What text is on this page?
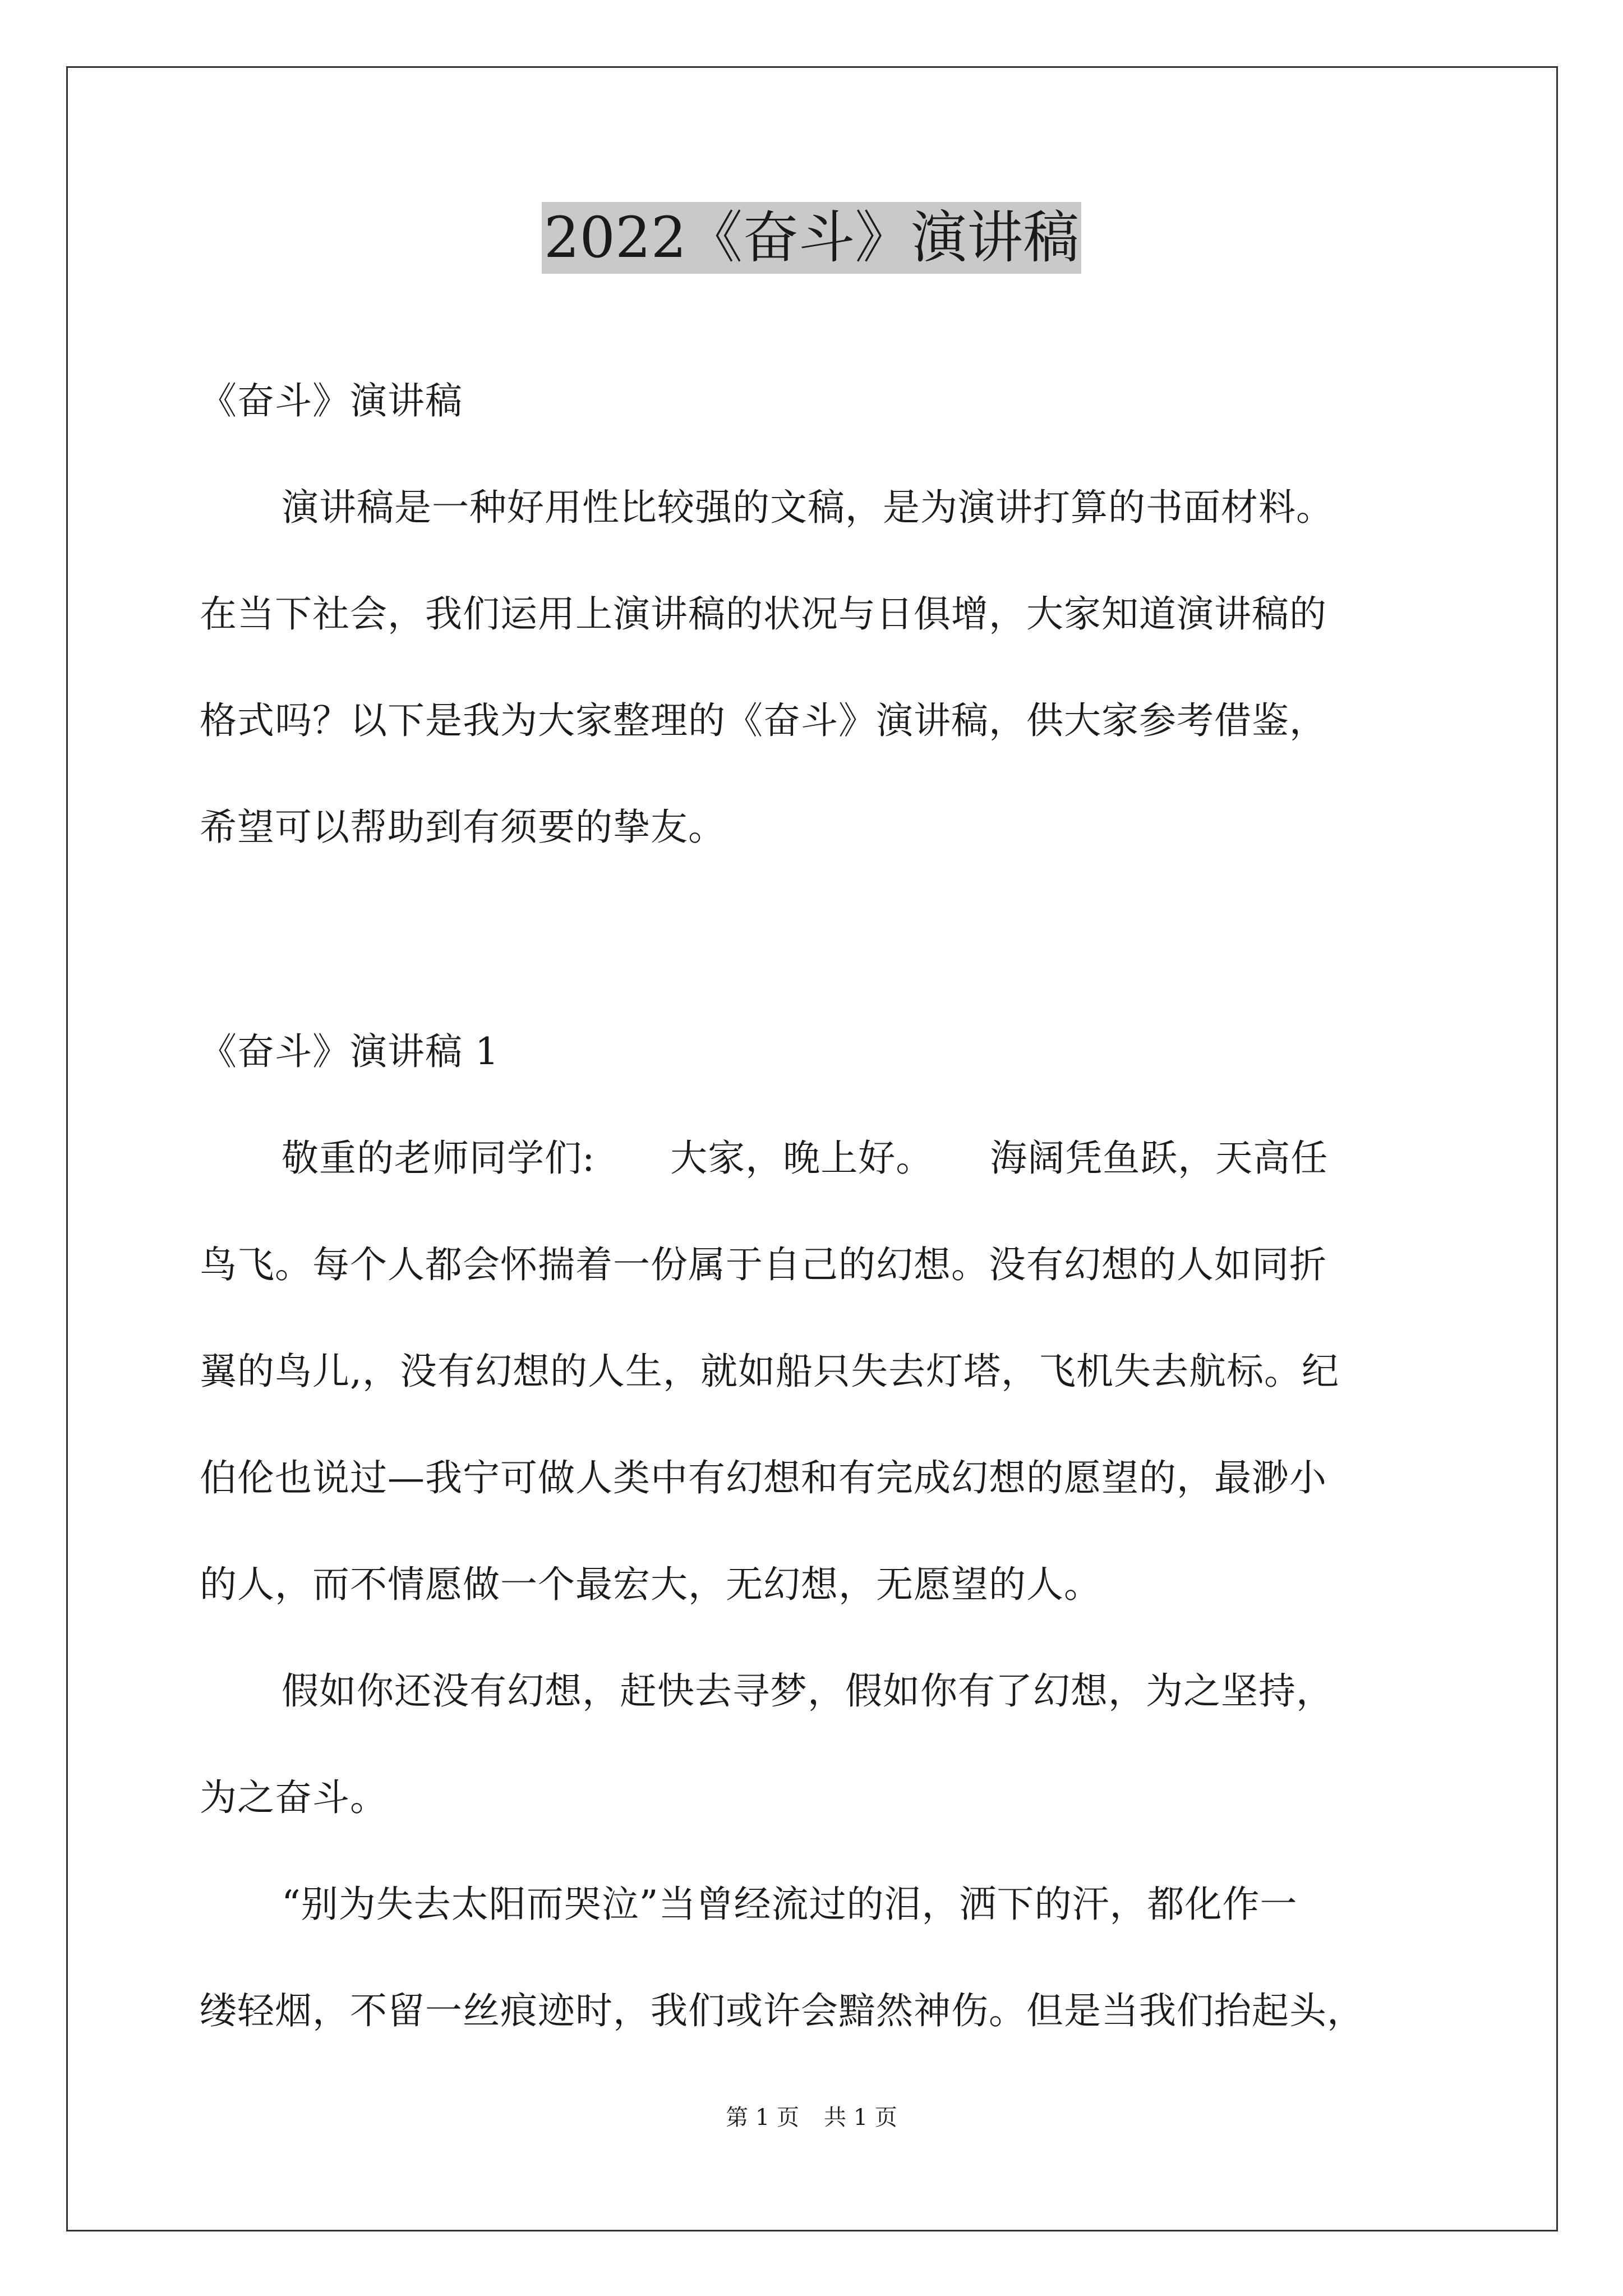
2022《奋斗》演讲稿
《奋斗》演讲稿
演讲稿是一种好用性比较强的文稿，是为演讲打算的书面材料。
在当下社会，我们运用上演讲稿的状况与日俱增，大家知道演讲稿的
格式吗？以下是我为大家整理的《奋斗》演讲稿，供大家参考借鉴，
希望可以帮助到有须要的挚友。
《奋斗》演讲稿 1
敬重的老师同学们:　　大家，晚上好。　　海阔凭鱼跃，天高任
鸟飞。每个人都会怀揣着一份属于自己的幻想。没有幻想的人如同折
翼的鸟儿,，没有幻想的人生，就如船只失去灯塔，飞机失去航标。纪
伯伦也说过—我宁可做人类中有幻想和有完成幻想的愿望的，最渺小
的人，而不情愿做一个最宏大，无幻想，无愿望的人。
假如你还没有幻想，赶快去寻梦，假如你有了幻想，为之坚持，
为之奋斗。
“别为失去太阳而哭泣”当曾经流过的泪，洒下的汗，都化作一
缕轻烟，不留一丝痕迹时，我们或许会黯然神伤。但是当我们抬起头，
第 1 页 共 1 页
